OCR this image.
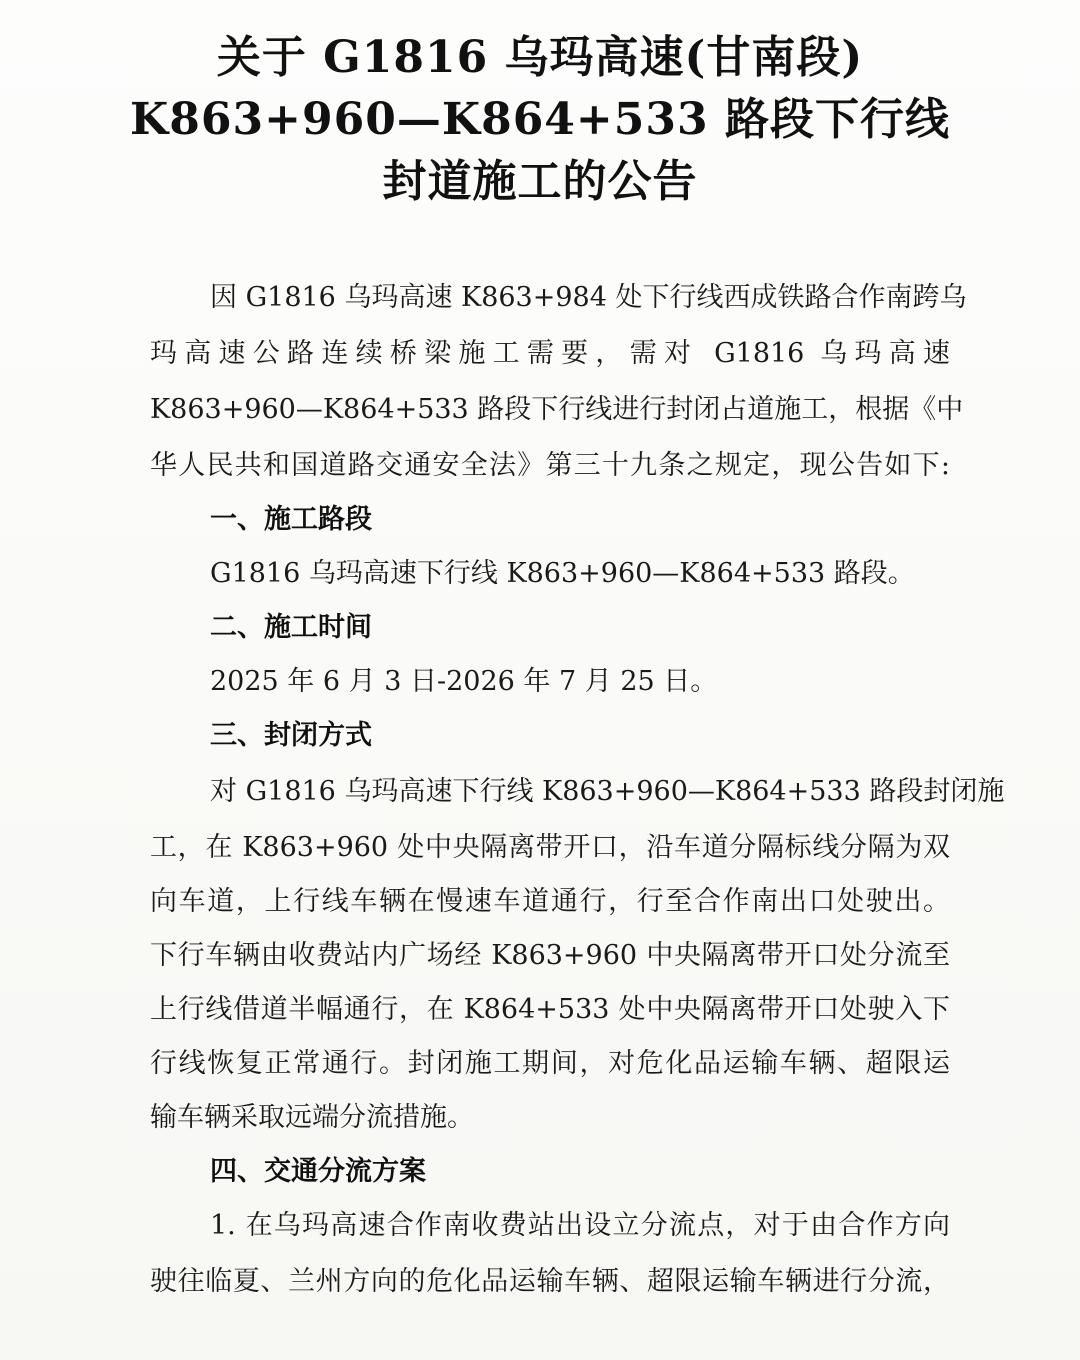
关于 G1816 乌玛高速(甘南段)
K863+960—K864+533 路段下行线
封道施工的公告
因 G1816 乌玛高速 K863+984 处下行线西成铁路合作南跨乌
玛高速公路连续桥梁施工需要，需对 G1816 乌玛高速
K863+960—K864+533 路段下行线进行封闭占道施工，根据《中
华人民共和国道路交通安全法》第三十九条之规定，现公告如下:
一、施工路段
G1816 乌玛高速下行线 K863+960—K864+533 路段。
二、施工时间
2025 年 6 月 3 日-2026 年 7 月 25 日。
三、封闭方式
对 G1816 乌玛高速下行线 K863+960—K864+533 路段封闭施
工，在 K863+960 处中央隔离带开口，沿车道分隔标线分隔为双
向车道，上行线车辆在慢速车道通行，行至合作南出口处驶出。
下行车辆由收费站内广场经 K863+960 中央隔离带开口处分流至
上行线借道半幅通行，在 K864+533 处中央隔离带开口处驶入下
行线恢复正常通行。封闭施工期间，对危化品运输车辆、超限运
输车辆采取远端分流措施。
四、交通分流方案
1. 在乌玛高速合作南收费站出设立分流点，对于由合作方向
驶往临夏、兰州方向的危化品运输车辆、超限运输车辆进行分流，
